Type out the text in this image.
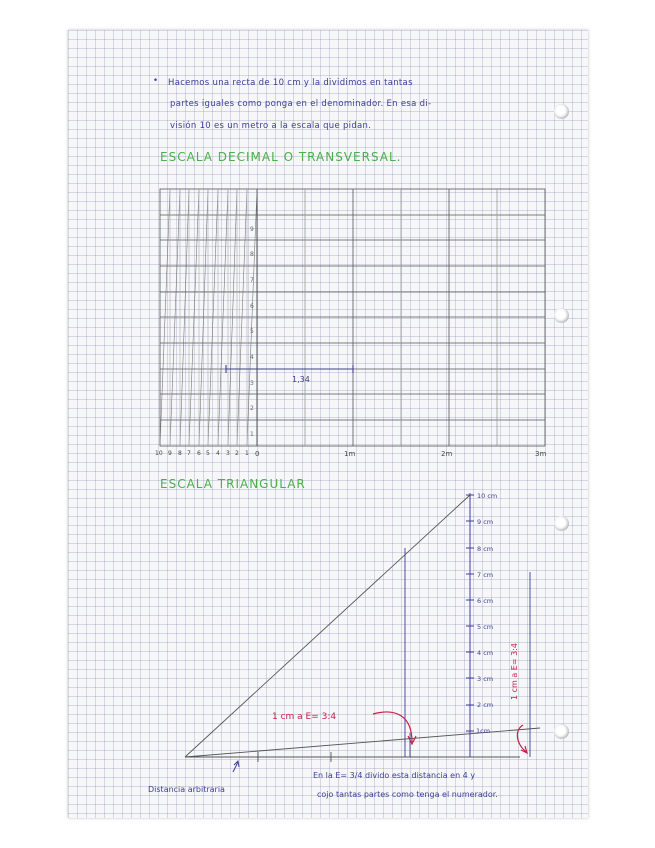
• Hacemos una recta de 10 cm y la dividimos en tantas
partes iguales como ponga en el denominador. En esa di-
visión 10 es un metro a la escala que pidan.
ESCALA DECIMAL O TRANSVERSAL.
ESCALA TRIANGULAR
1
2
3
4
5
6
7
8
9
10 9 8 7 6 5 4 3 2 1 0	1m	2m	3m
1,34
1cm
2 cm
3 cm
4 cm
5 cm
6 cm
7 cm
8 cm
9 cm
10 cm
1 cm a E= 3:4
1 cm a E= 3:4
Distancia arbitraria
En la E= 3/4 divido esta distancia en 4 y
cojo tantas partes como tenga el numerador.
